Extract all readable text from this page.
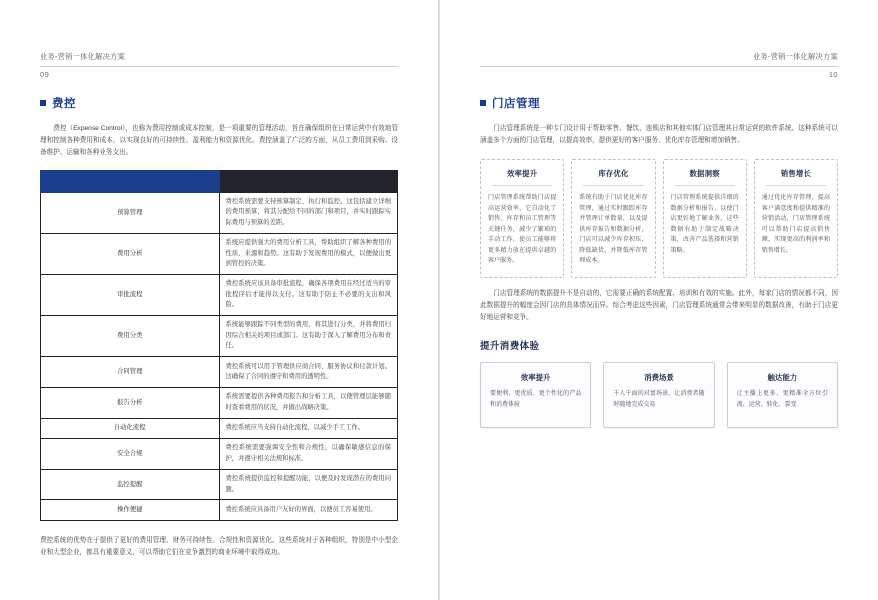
业务-营销一体化解决方案
09
费控

费控（Expense Control），也称为费用控制或成本控制，是一项重要的管理活动，旨在确保组织在日常运营中有效地管理和控制各种费用和成本，以实现良好的可持续性、盈利能力和资源优化。费控涵盖了广泛的方面，从员工费用到采购、设备维护、运输和各种业务支出。

预算管理	费控系统需要支持预算制定、执行和监控。这包括建立详细的费用预算，将其分配给不同的部门和项目，并实时跟踪实际费用与预算的差距。
费用分析	系统应提供强大的费用分析工具，帮助组织了解各种费用的性质、来源和趋势。这有助于发现费用的模式，以便做出更到管控的决策。
审批流程	费控系统应该具备审批流程，确保各项费用在经过适当的审批程序后才能得以支付。这有助于防止不必要的支出和风险。
费用分类	系统能够跟踪不同类型的费用，将其进行分类，并将费用归因综合相关的项目或部门。这有助于深入了解费用分布和责任。
合同管理	费控系统可以用于管理供应商合同、服务协议和付款计划。这确保了合同的遵守和费用的透明性。
报告分析	系统需要提供各种费用报告和分析工具，以便管理层能够随时查看费用的状况，并做出战略决策。
自动化流程	费控系统应当支持自动化流程，以减少手工工作。
安全合规	费控系统需要强调安全性和合规性，以确保敏感信息的保护，并遵守相关法规和标准。
监控提醒	费控系统提供监控和提醒功能，以便及时发现潜在的费用问题。
操作便捷	费控系统应具备用户友好的界面，以便员工容易使用。

费控系统的优势在于提供了更好的费用管理、财务可持续性、合规性和资源优化。这些系统对于各种组织，特别是中小型企业和大型企业，都具有重要意义，可以帮助它们在竞争激烈的商业环境中取得成功。

业务-营销一体化解决方案
10
门店管理

门店管理系统是一种专门设计用于帮助零售、餐饮、连锁店和其他实体门店管理其日常运营的软件系统。这种系统可以涵盖多个方面的门店管理，以提高效率，提供更好的客户服务、优化库存管理和增加销售。

效率提升
门店管理系统帮助门店提高运营效率，它自动化了销售、库存和员工管理等关键任务，减少了繁琐的手动工作，使员工能够将更多精力放在提供卓越的客户服务。
库存优化
系统有助于门店优化库存管理，通过实时跟踪库存并管理订单数量，以及提供库存报告和数据分析，门店可以减少库存积压，降低缺货，并降低库存管理成本。
数据洞察
门店管理系统提供详细的数据分析和报告，以使门店更好地了解业务，这些数据有助于制定战略决策，改善产品选择和营销策略。
销售增长
通过优化库存管理、提高客户满意度和提供精准的营销活动，门店管理系统可以帮助门店提高销售额，实现更高的利润率和销售增长。

门店管理系统的数据提升不是自动的，它需要正确的系统配置、培训和有效的实施。此外，每家门店的情况都不同，因此数据提升的幅度会因门店的具体情况而异。综合考虑这些因素，门店管理系统通常会带来明显的数据改善，有助于门店更好地运营和竞争。

提升消费体验
效率提升
要便利、更优质、更个性化的产品和消费体验
消费场景
千人千面的对富场景，让消费者随时随地完成交易
触达能力
让主播上更多、更精准全方位引流、运营、转化、裂变
